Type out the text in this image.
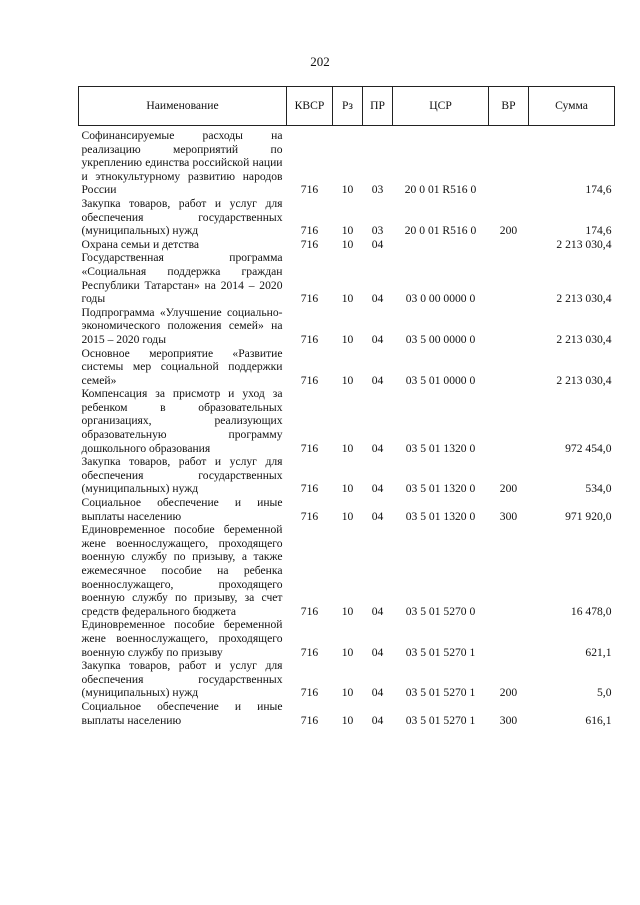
202
Наименование	КВСР	Рз	ПР	ЦСР	ВР	Сумма
Софинансируемые расходы на реализацию мероприятий по укреплению единства российской нации и этнокультурному развитию народов России	716	10	03	20 0 01 R516 0		174,6
Закупка товаров, работ и услуг для обеспечения государственных (муниципальных) нужд	716	10	03	20 0 01 R516 0	200	174,6
Охрана семьи и детства	716	10	04			2 213 030,4
Государственная программа «Социальная поддержка граждан Республики Татарстан» на 2014 – 2020 годы	716	10	04	03 0 00 0000 0		2 213 030,4
Подпрограмма «Улучшение социально-экономического положения семей» на 2015 – 2020 годы	716	10	04	03 5 00 0000 0		2 213 030,4
Основное мероприятие «Развитие системы мер социальной поддержки семей»	716	10	04	03 5 01 0000 0		2 213 030,4
Компенсация за присмотр и уход за ребенком в образовательных организациях, реализующих образовательную программу дошкольного образования	716	10	04	03 5 01 1320 0		972 454,0
Закупка товаров, работ и услуг для обеспечения государственных (муниципальных) нужд	716	10	04	03 5 01 1320 0	200	534,0
Социальное обеспечение и иные выплаты населению	716	10	04	03 5 01 1320 0	300	971 920,0
Единовременное пособие беременной жене военнослужащего, проходящего военную службу по призыву, а также ежемесячное пособие на ребенка военнослужащего, проходящего военную службу по призыву, за счет средств федерального бюджета	716	10	04	03 5 01 5270 0		16 478,0
Единовременное пособие беременной жене военнослужащего, проходящего военную службу по призыву	716	10	04	03 5 01 5270 1		621,1
Закупка товаров, работ и услуг для обеспечения государственных (муниципальных) нужд	716	10	04	03 5 01 5270 1	200	5,0
Социальное обеспечение и иные выплаты населению	716	10	04	03 5 01 5270 1	300	616,1
